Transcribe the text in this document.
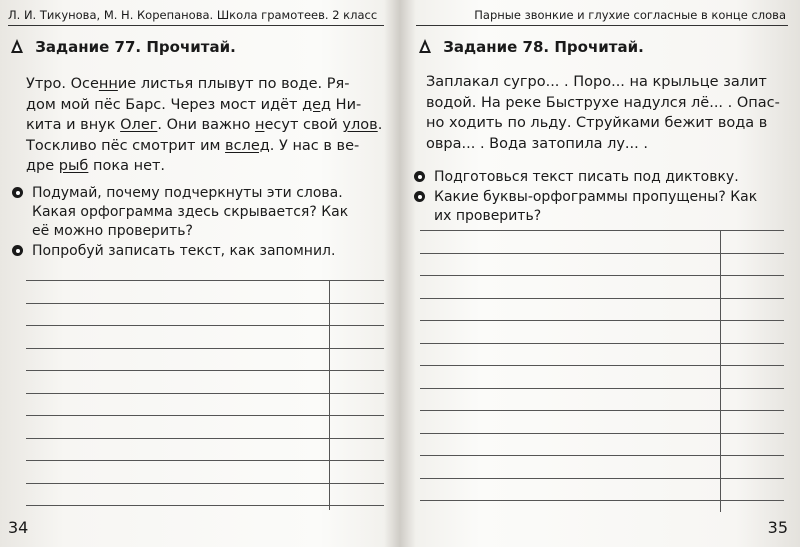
Л. И. Тикунова, М. Н. Корепанова. Школа грамотеев. 2 класс
Задание 77. Прочитай.
Утро. Осенние листья плывут по воде. Ря-
дом мой пёс Барс. Через мост идёт дед Ни-
кита и внук Олег. Они важно несут свой улов.
Тоскливо пёс смотрит им вслед. У нас в ве-
дре рыб пока нет.
Подумай, почему подчеркнуты эти слова.
Какая орфограмма здесь скрывается? Как
её можно проверить?
Попробуй записать текст, как запомнил.
34
Парные звонкие и глухие согласные в конце слова
Задание 78. Прочитай.
Заплакал сугро... . Поро... на крыльце залит
водой. На реке Быструхе надулся лё... . Опас-
но ходить по льду. Струйками бежит вода в
овра... . Вода затопила лу... .
Подготовься текст писать под диктовку.
Какие буквы-орфограммы пропущены? Как
их проверить?
35
